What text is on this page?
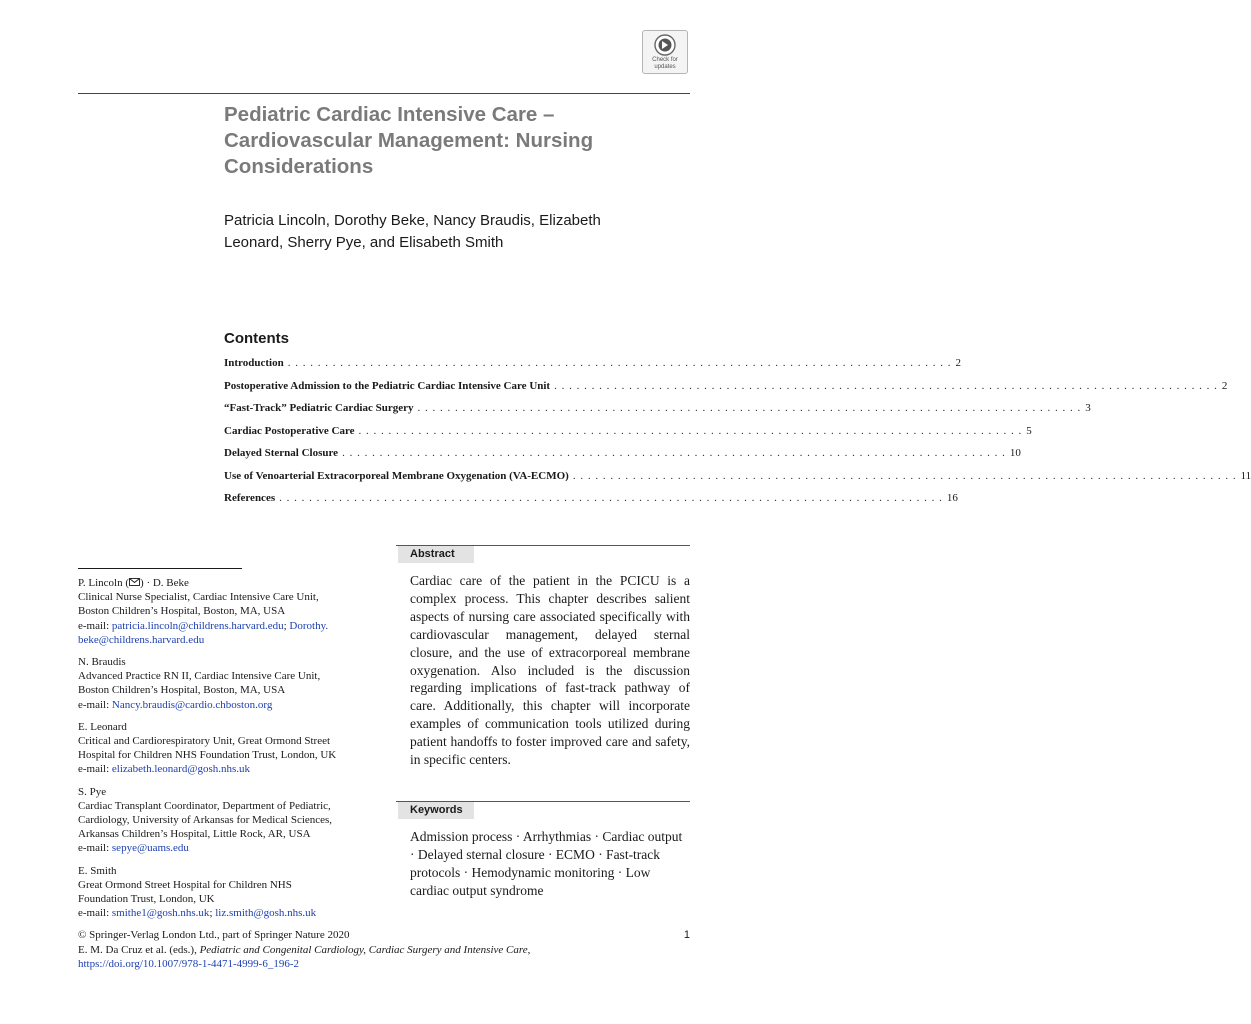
Check for
updates
Pediatric Cardiac Intensive Care – Cardiovascular Management: Nursing Considerations

Patricia Lincoln, Dorothy Beke, Nancy Braudis, Elizabeth Leonard, Sherry Pye, and Elisabeth Smith

Contents
Introduction . . . . . . . . . . . . . . . . . . . . . . . . . . . . . . . . . . . . . . . . . . . . . . . . . . . . . . . . . . . . . . . . . . . . . . . . . . . . . . . . . . . . . . . . . 2
Postoperative Admission to the Pediatric Cardiac Intensive Care Unit . . . . . . . . . . . . . . . . . . . . . . . . . . . . . . . . . . . . . . . . . . . . . . . . . . . . . . . . . . . . . . . . . . . . . . . . . . . . . . . . . . . . . . . . . 2
“Fast-Track” Pediatric Cardiac Surgery . . . . . . . . . . . . . . . . . . . . . . . . . . . . . . . . . . . . . . . . . . . . . . . . . . . . . . . . . . . . . . . . . . . . . . . . . . . . . . . . . . . . . . . . . 3
Cardiac Postoperative Care . . . . . . . . . . . . . . . . . . . . . . . . . . . . . . . . . . . . . . . . . . . . . . . . . . . . . . . . . . . . . . . . . . . . . . . . . . . . . . . . . . . . . . . . . 5
Delayed Sternal Closure . . . . . . . . . . . . . . . . . . . . . . . . . . . . . . . . . . . . . . . . . . . . . . . . . . . . . . . . . . . . . . . . . . . . . . . . . . . . . . . . . . . . . . . . . 10
Use of Venoarterial Extracorporeal Membrane Oxygenation (VA-ECMO) . . . . . . . . . . . . . . . . . . . . . . . . . . . . . . . . . . . . . . . . . . . . . . . . . . . . . . . . . . . . . . . . . . . . . . . . . . . . . . . . . . . . . . . . . 11
References . . . . . . . . . . . . . . . . . . . . . . . . . . . . . . . . . . . . . . . . . . . . . . . . . . . . . . . . . . . . . . . . . . . . . . . . . . . . . . . . . . . . . . . . . 16
P. Lincoln ( ) · D. Beke
Clinical Nurse Specialist, Cardiac Intensive Care Unit,
Boston Children’s Hospital, Boston, MA, USA
e-mail: patricia.lincoln@childrens.harvard.edu; Dorothy.
beke@childrens.harvard.edu
N. Braudis
Advanced Practice RN II, Cardiac Intensive Care Unit,
Boston Children’s Hospital, Boston, MA, USA
e-mail: Nancy.braudis@cardio.chboston.org
E. Leonard
Critical and Cardiorespiratory Unit, Great Ormond Street
Hospital for Children NHS Foundation Trust, London, UK
e-mail: elizabeth.leonard@gosh.nhs.uk
S. Pye
Cardiac Transplant Coordinator, Department of Pediatric,
Cardiology, University of Arkansas for Medical Sciences,
Arkansas Children’s Hospital, Little Rock, AR, USA
e-mail: sepye@uams.edu
E. Smith
Great Ormond Street Hospital for Children NHS
Foundation Trust, London, UK
e-mail: smithe1@gosh.nhs.uk; liz.smith@gosh.nhs.uk
Abstract

Cardiac care of the patient in the PCICU is a complex process. This chapter describes salient aspects of nursing care associated specifically with cardiovascular management, delayed sternal closure, and the use of extracorporeal membrane oxygenation. Also included is the discussion regarding implications of fast-track pathway of care. Additionally, this chapter will incorporate examples of communication tools utilized during patient handoffs to foster improved care and safety, in specific centers.

Keywords

Admission process · Arrhythmias · Cardiac output · Delayed sternal closure · ECMO · Fast-track protocols · Hemodynamic monitoring · Low cardiac output syndrome

© Springer-Verlag London Ltd., part of Springer Nature 2020
E. M. Da Cruz et al. (eds.), Pediatric and Congenital Cardiology, Cardiac Surgery and Intensive Care,
https://doi.org/10.1007/978-1-4471-4999-6_196-2
1
